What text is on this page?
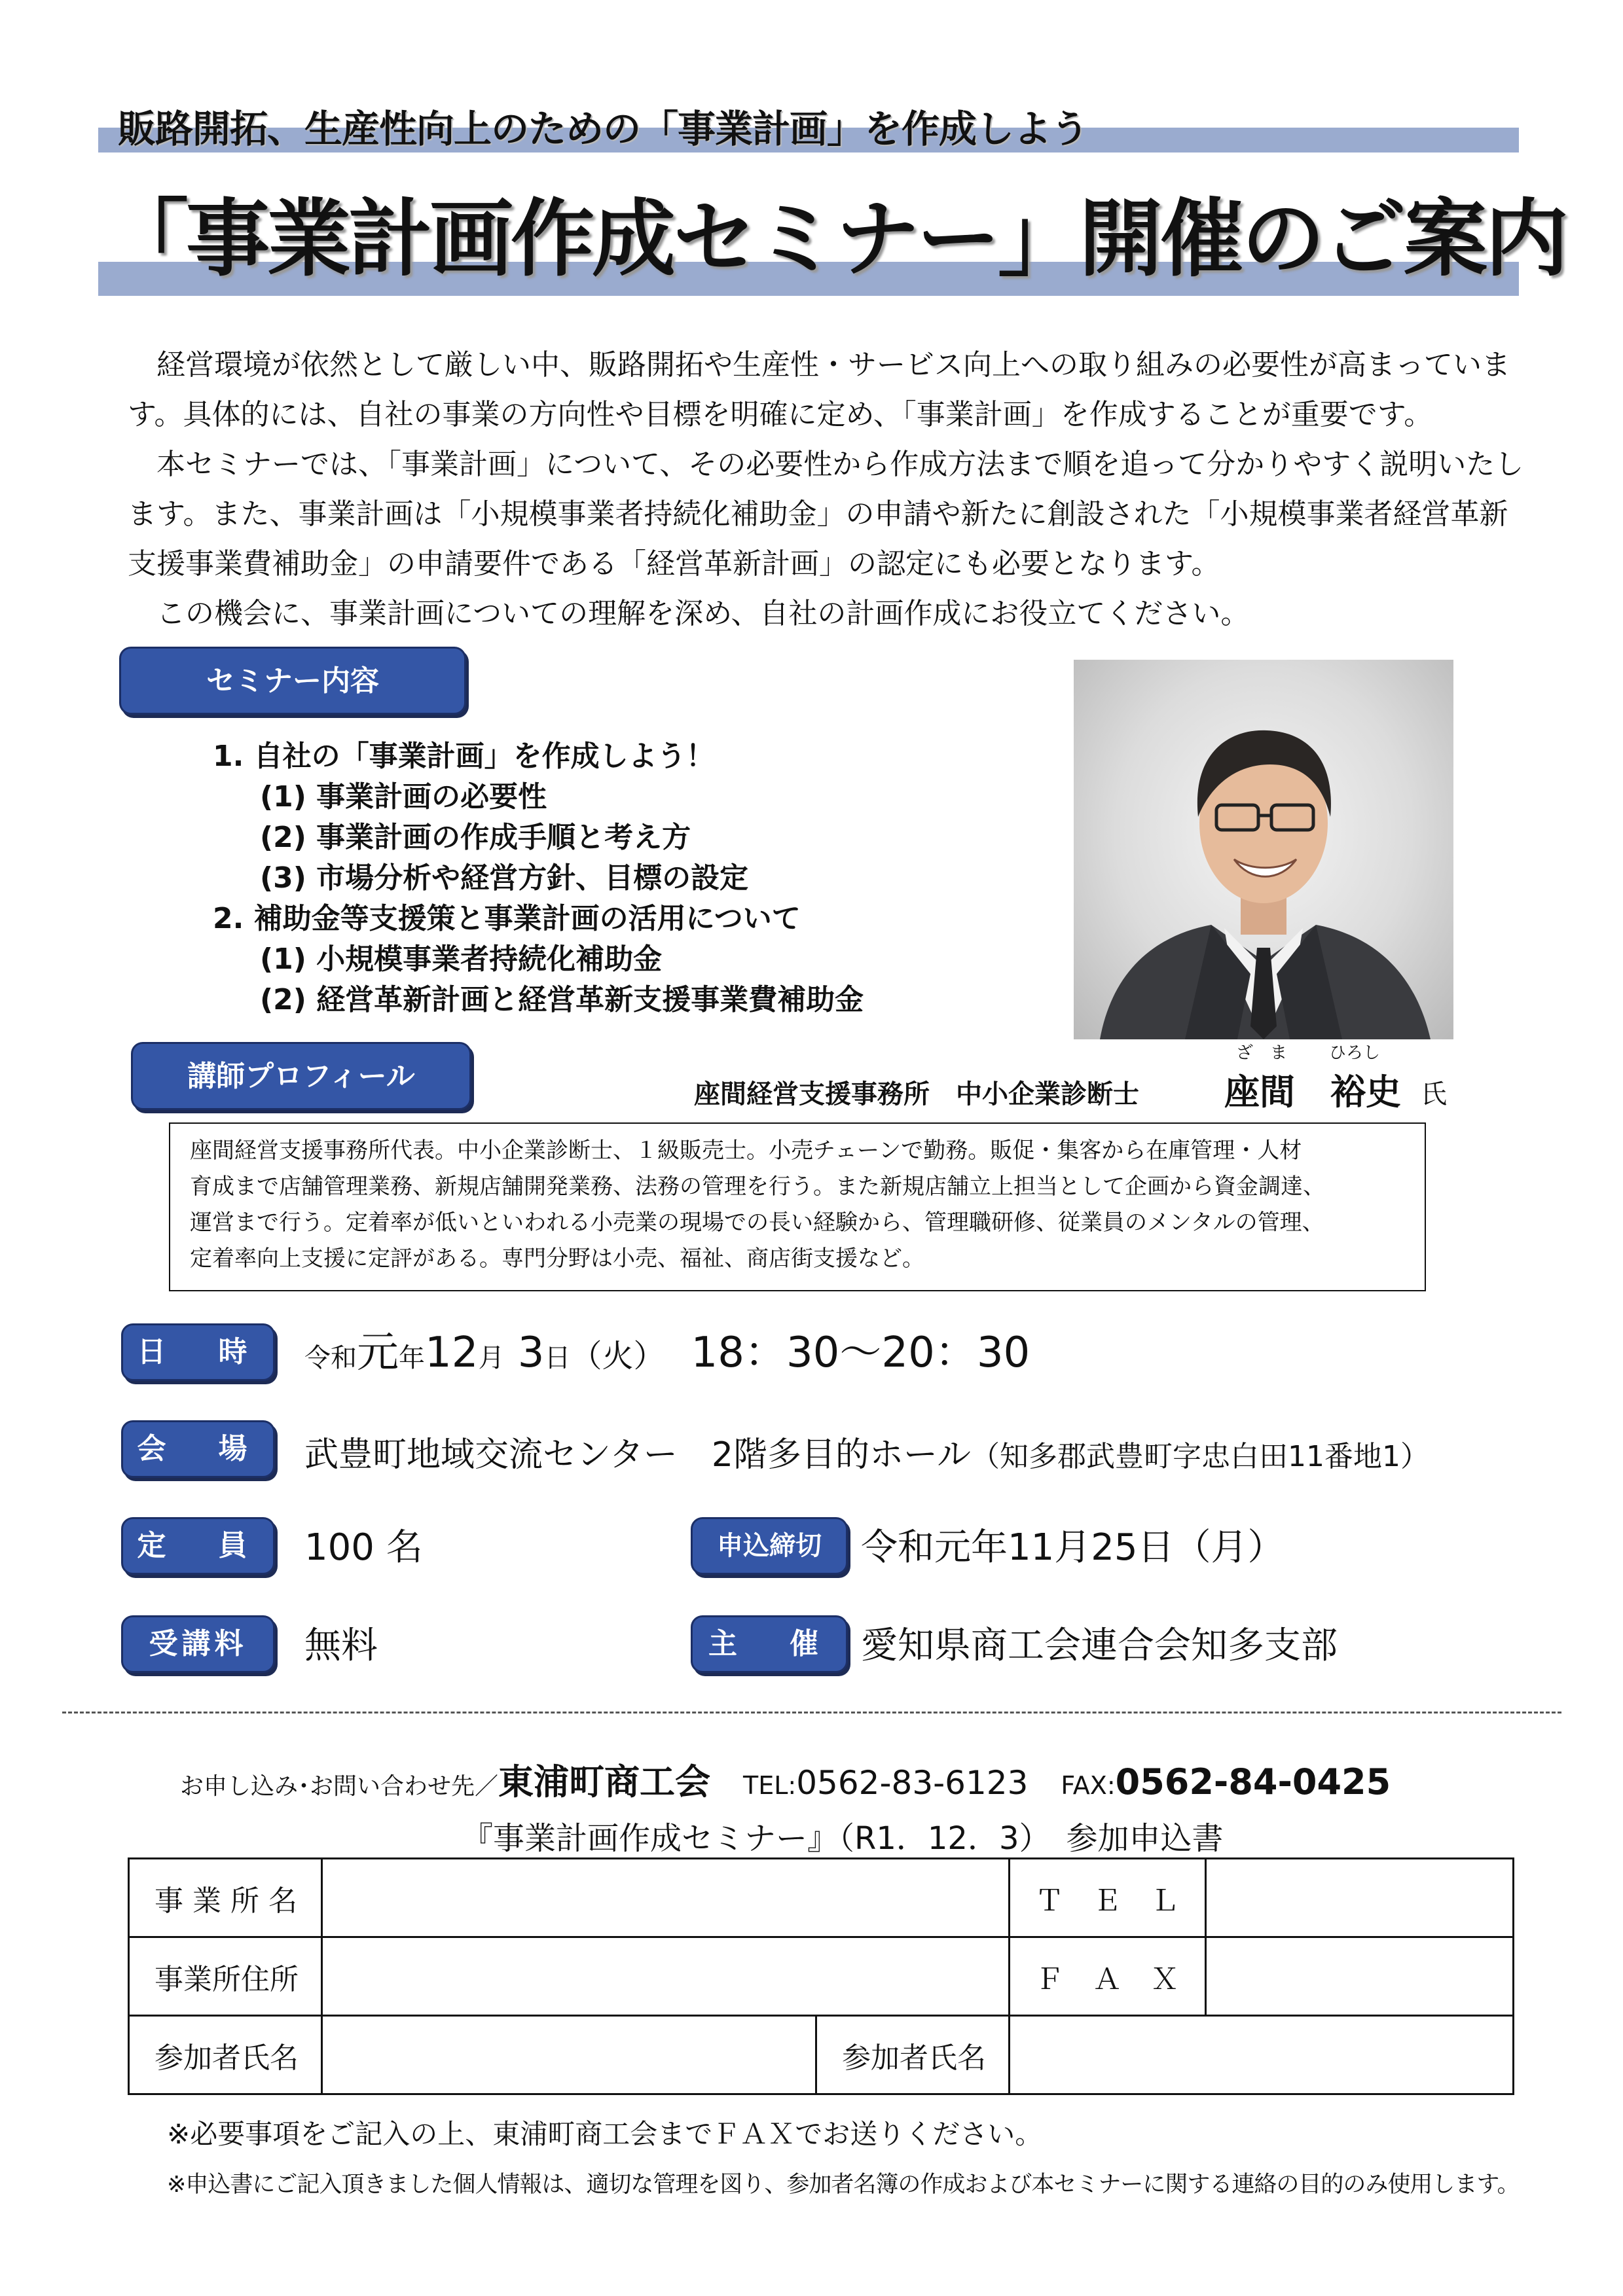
販路開拓、生産性向上のための「事業計画」を作成しよう
「事業計画作成セミナー」開催のご案内

　経営環境が依然として厳しい中、販路開拓や生産性・サービス向上への取り組みの必要性が高まっていま

す。具体的には、自社の事業の方向性や目標を明確に定め、「事業計画」を作成することが重要です。

　本セミナーでは、「事業計画」について、その必要性から作成方法まで順を追って分かりやすく説明いたし

ます。また、事業計画は「小規模事業者持続化補助金」の申請や新たに創設された「小規模事業者経営革新

支援事業費補助金」の申請要件である「経営革新計画」の認定にも必要となります。

　この機会に、事業計画についての理解を深め、自社の計画作成にお役立てください。

セミナー内容
1. 自社の「事業計画」を作成しよう！
(1) 事業計画の必要性
(2) 事業計画の作成手順と考え方
(3) 市場分析や経営方針、目標の設定
2. 補助金等支援策と事業計画の活用について
(1) 小規模事業者持続化補助金
(2) 経営革新計画と経営革新支援事業費補助金
講師プロフィール
ざ　ま ひろし
座間経営支援事務所　中小企業診断士 座間　裕史 氏
座間経営支援事務所代表。中小企業診断士、１級販売士。小売チェーンで勤務。販促・集客から在庫管理・人材
育成まで店舗管理業務、新規店舗開発業務、法務の管理を行う。また新規店舗立上担当として企画から資金調達、
運営まで行う。定着率が低いといわれる小売業の現場での長い経験から、管理職研修、従業員のメンタルの管理、
定着率向上支援に定評がある。専門分野は小売、福祉、商店街支援など。
日　時	令和元年12月 3日（火） 18：30～20：30
会　場	武豊町地域交流センター　2階多目的ホール（知多郡武豊町字忠白田11番地1）
定　員	100 名	申込締切	令和元年11月25日（月）
受講料	無料	主　催 愛知県商工会連合会知多支部
お申し込み･お問い合わせ先／東浦町商工会 TEL:0562-83-6123 FAX:0562-84-0425
『事業計画作成セミナー』（R1．12．3）　参加申込書
事 業 所 名			Ｔ　Ｅ　Ｌ	
事業所住所			Ｆ　Ａ　Ｘ	
参加者氏名		参加者氏名		
※必要事項をご記入の上、東浦町商工会までＦＡＸでお送りください。
※申込書にご記入頂きました個人情報は、適切な管理を図り、参加者名簿の作成および本セミナーに関する連絡の目的のみ使用します。
